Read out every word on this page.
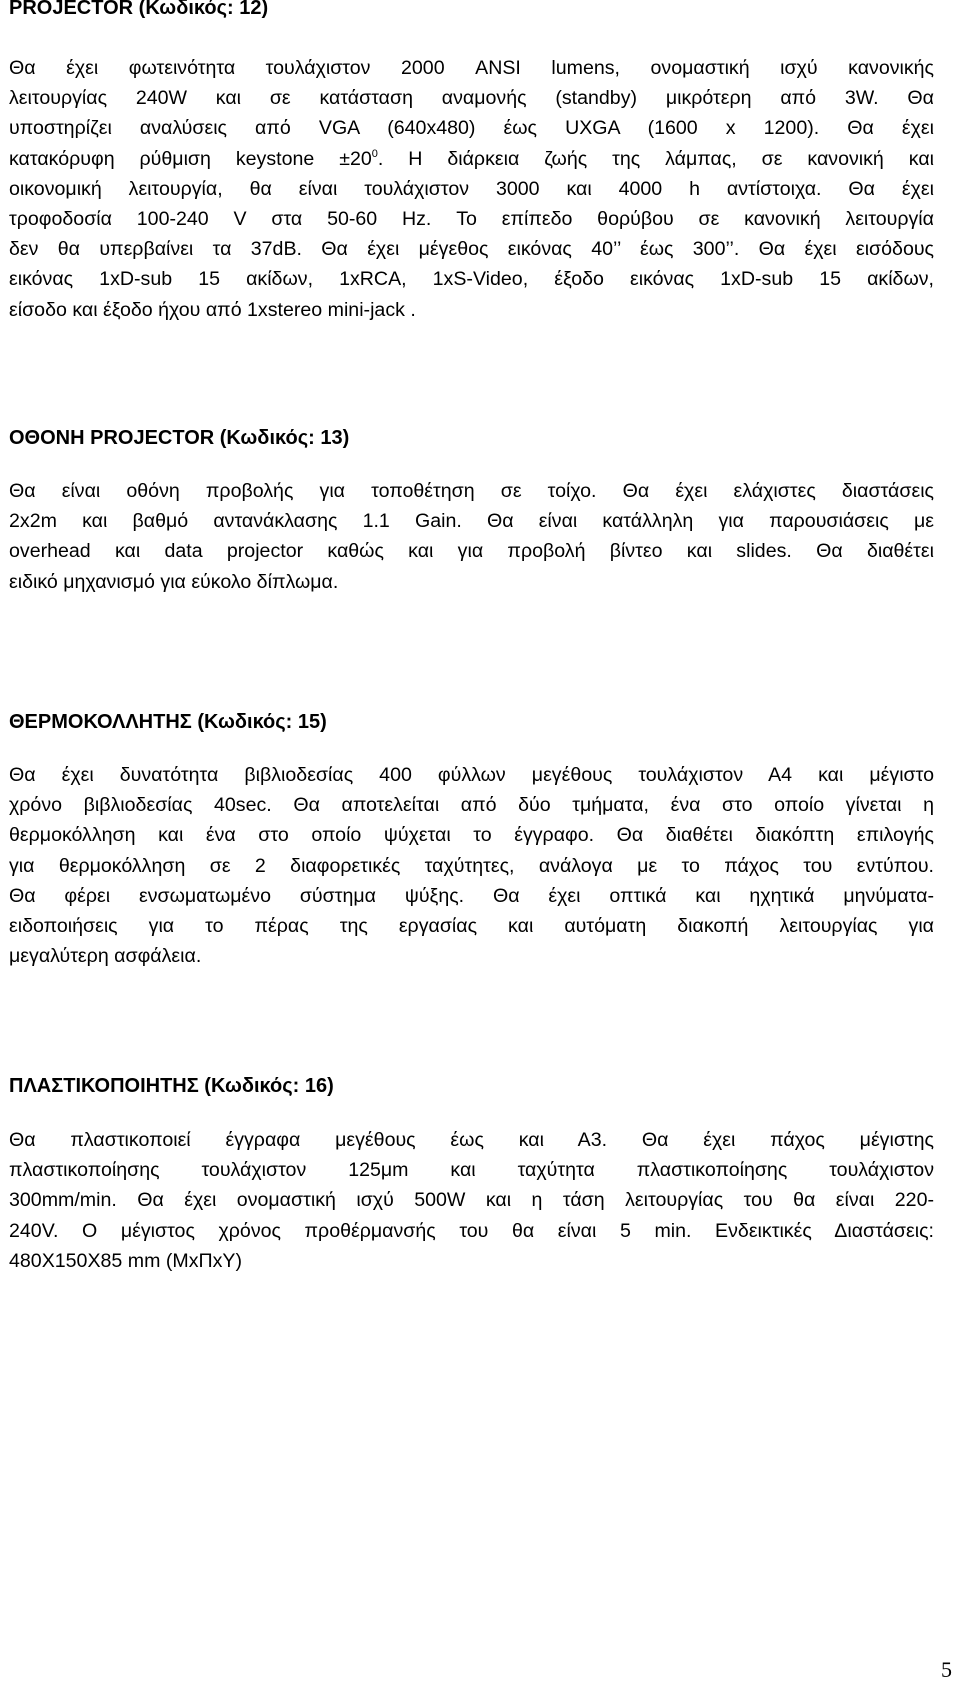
PROJECTOR (Κωδικός: 12)
Θα έχει φωτεινότητα τουλάχιστον 2000 ANSI lumens, ονομαστική ισχύ κανονικής
λειτουργίας 240W και σε κατάσταση αναμονής (standby) μικρότερη από 3W. Θα
υποστηρίζει αναλύσεις από VGA (640x480) έως UXGA (1600 x 1200). Θα έχει
κατακόρυφη ρύθμιση keystone $\pm 20^0$. Η διάρκεια ζωής της λάμπας, σε κανονική και
οικονομική λειτουργία, θα είναι τουλάχιστον 3000 και 4000 h αντίστοιχα. Θα έχει
τροφοδοσία 100-240 V στα 50-60 Hz. Το επίπεδο θορύβου σε κανονική λειτουργία
δεν θα υπερβαίνει τα 37dB. Θα έχει μέγεθος εικόνας 40’’ έως 300’’. Θα έχει εισόδους
εικόνας 1xD-sub 15 ακίδων, 1xRCA, 1xS-Video, έξοδο εικόνας 1xD-sub 15 ακίδων,
είσοδο και έξοδο ήχου από 1xstereo mini-jack .
ΟΘΟΝΗ PROJECTOR (Κωδικός: 13)
Θα είναι οθόνη προβολής για τοποθέτηση σε τοίχο. Θα έχει ελάχιστες διαστάσεις
2x2m και βαθμό αντανάκλασης 1.1 Gain. Θα είναι κατάλληλη για παρουσιάσεις με
overhead και data projector καθώς και για προβολή βίντεο και slides. Θα διαθέτει
ειδικό μηχανισμό για εύκολο δίπλωμα.
ΘΕΡΜΟΚΟΛΛΗΤΗΣ (Κωδικός: 15)
Θα έχει δυνατότητα βιβλιοδεσίας 400 φύλλων μεγέθους τουλάχιστον Α4 και μέγιστο
χρόνο βιβλιοδεσίας 40sec. Θα αποτελείται από δύο τμήματα, ένα στο οποίο γίνεται η
θερμοκόλληση και ένα στο οποίο ψύχεται το έγγραφο. Θα διαθέτει διακόπτη επιλογής
για θερμοκόλληση σε 2 διαφορετικές ταχύτητες, ανάλογα με το πάχος του εντύπου.
Θα φέρει ενσωματωμένο σύστημα ψύξης. Θα έχει οπτικά και ηχητικά μηνύματα-
ειδοποιήσεις για το πέρας της εργασίας και αυτόματη διακοπή λειτουργίας για
μεγαλύτερη ασφάλεια.
ΠΛΑΣΤΙΚΟΠΟΙΗΤΗΣ (Κωδικός: 16)
Θα πλαστικοποιεί έγγραφα μεγέθους έως και Α3. Θα έχει πάχος μέγιστης
πλαστικοποίησης τουλάχιστον 125μm και ταχύτητα πλαστικοποίησης τουλάχιστον
300mm/min. Θα έχει ονομαστική ισχύ 500W και η τάση λειτουργίας του θα είναι 220-
240V. Ο μέγιστος χρόνος προθέρμανσής του θα είναι 5 min. Ενδεικτικές Διαστάσεις:
480X150X85 mm (ΜxΠxΥ)

5
